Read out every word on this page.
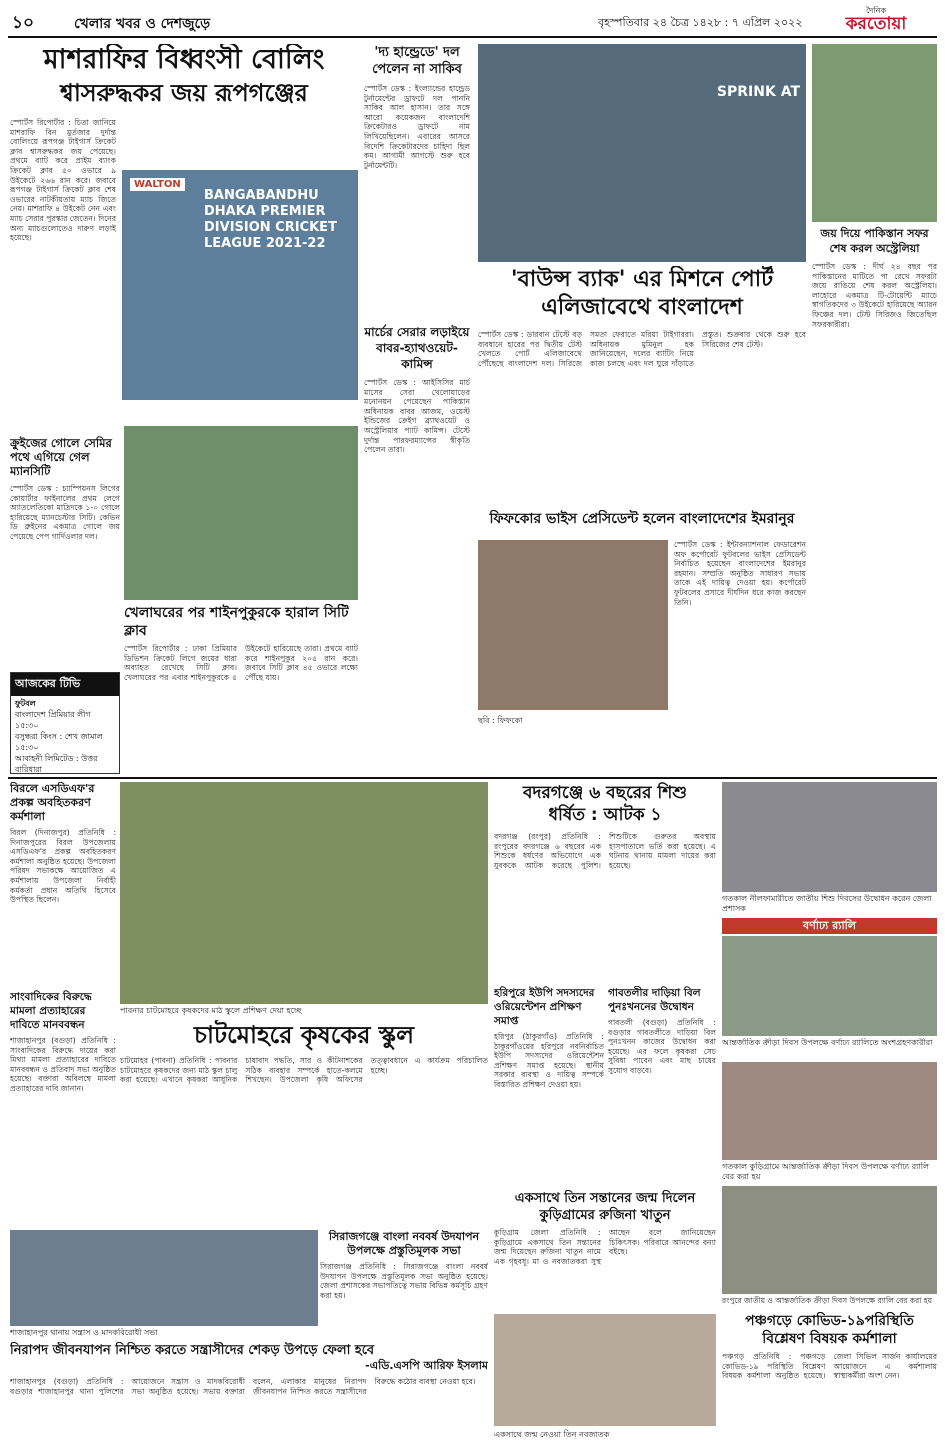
১০	খেলার খবর ও দেশজুড়ে	বৃহস্পতিবার ২৪ চৈত্র ১৪২৮ : ৭ এপ্রিল ২০২২
দৈনিক
করতোয়া
মাশরাফির বিধ্বংসী বোলিং
শ্বাসরুদ্ধকর জয় রূপগঞ্জের
স্পোর্টস রিপোর্টার : চিতা জানিয়ে মাশরাফি বিন মুর্তজার দুর্দান্ত বোলিংয়ে রূপগঞ্জ টাইগার্স ক্রিকেট ক্লাব শ্বাসরুদ্ধকর জয় পেয়েছে। প্রথমে ব্যাট করে প্রাইম ব্যাংক ক্রিকেট ক্লাব ৫০ ওভারে ৯ উইকেটে ২৬৬ রান করে। জবাবে রূপগঞ্জ টাইগার্স ক্রিকেট ক্লাব শেষ ওভারের নাটকীয়তায় ম্যাচ জিতে নেয়। মাশরাফি ৪ উইকেট নেন এবং ম্যাচ সেরার পুরস্কার জেতেন। দিনের অন্য ম্যাচগুলোতেও দারুণ লড়াই হয়েছে।
WALTON
BANGABANDHU DHAKA PREMIER DIVISION CRICKET LEAGUE 2021-22
ক্রুইজের গোলে সেমির পথে এগিয়ে গেল ম্যানসিটি
স্পোর্টস ডেস্ক : চ্যাম্পিয়নস লিগের কোয়ার্টার ফাইনালের প্রথম লেগে অ্যাতলেতিকো মাদ্রিদকে ১-০ গোলে হারিয়েছে ম্যানচেস্টার সিটি। কেভিন ডি ব্রুইনের একমাত্র গোলে জয় পেয়েছে পেপ গার্দিওলার দল।
আজকের টিভি
ফুটবল
বাংলাদেশ প্রিমিয়ার লীগ
১৫:৩০
বসুন্ধরা কিংস : শেখ জামাল
১৫:৩০
আবাহনী লিমিটেড : উত্তর বারিধারা
খেলাঘরের পর শাইনপুকুরকে হারাল সিটি ক্লাব
স্পোর্টস রিপোর্টার : ঢাকা প্রিমিয়ার ডিভিশন ক্রিকেট লিগে জয়ের ধারা অব্যাহত রেখেছে সিটি ক্লাব। খেলাঘরের পর এবার শাইনপুকুরকে ৫ উইকেটে হারিয়েছে তারা। প্রথমে ব্যাট করে শাইনপুকুর ২০৫ রান করে। জবাবে সিটি ক্লাব ৪৫ ওভারে লক্ষ্যে পৌঁছে যায়।
'দ্য হান্ড্রেডে' দল পেলেন না সাকিব
স্পোর্টস ডেস্ক : ইংল্যান্ডের হান্ড্রেড টুর্নামেন্টের ড্রাফটে দল পাননি সাকিব আল হাসান। তার সঙ্গে আরো কয়েকজন বাংলাদেশি ক্রিকেটারও ড্রাফটে নাম লিখিয়েছিলেন। এবারের আসরে বিদেশি ক্রিকেটারদের চাহিদা ছিল কম। আগামী আগস্টে শুরু হবে টুর্নামেন্টটি।
মার্চের সেরার লড়াইয়ে বাবর-হ্যাথওয়েট-কামিন্স
স্পোর্টস ডেস্ক : আইসিসির মার্চ মাসের সেরা খেলোয়াড়ের মনোনয়ন পেয়েছেন পাকিস্তান অধিনায়ক বাবর আজম, ওয়েস্ট ইন্ডিজের ক্রেইগ ব্র্যাথওয়েট ও অস্ট্রেলিয়ার প্যাট কামিন্স। টেস্টে দুর্দান্ত পারফরম্যান্সের স্বীকৃতি পেলেন তারা।
SPRINK AT
'বাউন্স ব্যাক' এর মিশনে পোর্ট
এলিজাবেথে বাংলাদেশ
স্পোর্টস ডেস্ক : ডারবান টেস্টে বড় ব্যবধানে হারের পর দ্বিতীয় টেস্ট খেলতে পোর্ট এলিজাবেথে পৌঁছেছে বাংলাদেশ দল। সিরিজে সমতা ফেরাতে মরিয়া টাইগাররা। অধিনায়ক মুমিনুল হক জানিয়েছেন, দলের ব্যাটিং নিয়ে কাজ চলছে এবং দল ঘুরে দাঁড়াতে প্রস্তুত। শুক্রবার থেকে শুরু হবে সিরিজের শেষ টেস্ট।
জয় দিয়ে পাকিস্তান সফর
শেষ করল অস্ট্রেলিয়া
স্পোর্টস ডেস্ক : দীর্ঘ ২৪ বছর পর পাকিস্তানের মাটিতে পা রেখে সফরটা জয়ে রাঙিয়ে শেষ করল অস্ট্রেলিয়া। লাহোরে একমাত্র টি-টোয়েন্টি ম্যাচে স্বাগতিকদের ৩ উইকেটে হারিয়েছে অ্যারন ফিঞ্চের দল। টেস্ট সিরিজও জিতেছিল সফরকারীরা।
ফিফকোর ভাইস প্রেসিডেন্ট হলেন বাংলাদেশের ইমরানুর
স্পোর্টস ডেস্ক : ইন্টারন্যাশনাল ফেডারেশন অফ কর্পোরেট ফুটবলের ভাইস প্রেসিডেন্ট নির্বাচিত হয়েছেন বাংলাদেশের ইমরানুর রহমান। সম্প্রতি অনুষ্ঠিত সাধারণ সভায় তাকে এই দায়িত্ব দেওয়া হয়। কর্পোরেট ফুটবলের প্রসারে দীর্ঘদিন ধরে কাজ করছেন তিনি।
ছবি : ফিফকো
বিরলে এসডিএফ'র প্রকল্প অবহিতকরণ কর্মশালা
বিরল (দিনাজপুর) প্রতিনিধি : দিনাজপুরের বিরল উপজেলায় এসডিএফ'র প্রকল্প অবহিতকরণ কর্মশালা অনুষ্ঠিত হয়েছে। উপজেলা পরিষদ সভাকক্ষে আয়োজিত এ কর্মশালায় উপজেলা নির্বাহী কর্মকর্তা প্রধান অতিথি হিসেবে উপস্থিত ছিলেন।
পাবনার চাটমোহরে কৃষকদের মাঠ স্কুলে প্রশিক্ষণ দেয়া হচ্ছে
চাটমোহরে কৃষকের স্কুল
চাটমোহর (পাবনা) প্রতিনিধি : পাবনার চাটমোহরে কৃষকদের জন্য মাঠ স্কুল চালু করা হয়েছে। এখানে কৃষকরা আধুনিক চাষাবাদ পদ্ধতি, সার ও কীটনাশকের সঠিক ব্যবহার সম্পর্কে হাতে-কলমে শিখছেন। উপজেলা কৃষি অফিসের তত্ত্বাবধানে এ কার্যক্রম পরিচালিত হচ্ছে।
সাংবাদিকের বিরুদ্ধে মামলা প্রত্যাহারের দাবিতে মানববন্ধন
শাজাহানপুর (বগুড়া) প্রতিনিধি : সাংবাদিকের বিরুদ্ধে দায়ের করা মিথ্যা মামলা প্রত্যাহারের দাবিতে মানববন্ধন ও প্রতিবাদ সভা অনুষ্ঠিত হয়েছে। বক্তারা অবিলম্বে মামলা প্রত্যাহারের দাবি জানান।
শাজাহানপুর থানায় সন্ত্রাস ও মাদকবিরোধী সভা
নিরাপদ জীবনযাপন নিশ্চিত করতে সন্ত্রাসীদের শেকড় উপড়ে ফেলা হবে
-এডি.এসপি আরিফ ইসলাম
শাজাহানপুর (বগুড়া) প্রতিনিধি : বগুড়ার শাজাহানপুর থানা পুলিশের আয়োজনে সন্ত্রাস ও মাদকবিরোধী সভা অনুষ্ঠিত হয়েছে। সভায় বক্তারা বলেন, এলাকার মানুষের নিরাপদ জীবনযাপন নিশ্চিত করতে সন্ত্রাসীদের বিরুদ্ধে কঠোর ব্যবস্থা নেওয়া হবে।
সিরাজগঞ্জে বাংলা নববর্ষ উদযাপন উপলক্ষে প্রস্তুতিমূলক সভা
সিরাজগঞ্জ প্রতিনিধি : সিরাজগঞ্জে বাংলা নববর্ষ উদযাপন উপলক্ষে প্রস্তুতিমূলক সভা অনুষ্ঠিত হয়েছে। জেলা প্রশাসকের সভাপতিত্বে সভায় বিভিন্ন কর্মসূচি গ্রহণ করা হয়।
বদরগঞ্জে ৬ বছরের শিশু
ধর্ষিত : আটক ১
বদরগঞ্জ (রংপুর) প্রতিনিধি : রংপুরের বদরগঞ্জে ৬ বছরের এক শিশুকে ধর্ষণের অভিযোগে এক যুবককে আটক করেছে পুলিশ। শিশুটিকে গুরুতর অবস্থায় হাসপাতালে ভর্তি করা হয়েছে। এ ঘটনায় থানায় মামলা দায়ের করা হয়েছে।
হরিপুরে ইউপি সদস্যদের ওরিয়েন্টেশন প্রশিক্ষণ সমাপ্ত
হরিপুর (ঠাকুরগাঁও) প্রতিনিধি : ঠাকুরগাঁওয়ের হরিপুরে নবনির্বাচিত ইউপি সদস্যদের ওরিয়েন্টেশন প্রশিক্ষণ সমাপ্ত হয়েছে। স্থানীয় সরকার ব্যবস্থা ও দায়িত্ব সম্পর্কে বিস্তারিত প্রশিক্ষণ দেওয়া হয়।
গাবতলীর দাড়িয়া বিল পুনঃখননের উদ্বোধন
গাবতলী (বগুড়া) প্রতিনিধি : বগুড়ার গাবতলীতে দাড়িয়া বিল পুনঃখনন কাজের উদ্বোধন করা হয়েছে। এর ফলে কৃষকরা সেচ সুবিধা পাবেন এবং মাছ চাষের সুযোগ বাড়বে।
একসাথে তিন সন্তানের জন্ম দিলেন
কুড়িগ্রামের রুজিনা খাতুন
কুড়িগ্রাম জেলা প্রতিনিধি : কুড়িগ্রামে একসাথে তিন সন্তানের জন্ম দিয়েছেন রুজিনা খাতুন নামে এক গৃহবধূ। মা ও নবজাতকরা সুস্থ আছেন বলে জানিয়েছেন চিকিৎসক। পরিবারে আনন্দের বন্যা বইছে।
একসাথে জন্ম নেওয়া তিন নবজাতক
গতকাল নীলফামারীতে জাতীয় শিশু দিবসের উদ্বোধন করেন জেলা প্রশাসক
বর্ণাঢ্য র‌্যালি
আন্তর্জাতিক ক্রীড়া দিবস উপলক্ষে বর্ণাঢ্য র‌্যালিতে অংশগ্রহণকারীরা
গতকাল কুড়িগ্রামে আন্তর্জাতিক ক্রীড়া দিবস উপলক্ষে বর্ণাঢ্য র‌্যালি বের করা হয়
রংপুরে জাতীয় ও আন্তর্জাতিক ক্রীড়া দিবস উপলক্ষে র‌্যালি বের করা হয়
পঞ্চগড়ে কোভিড-১৯পরিস্থিতি
বিশ্লেষণ বিষয়ক কর্মশালা
পঞ্চগড় প্রতিনিধি : পঞ্চগড়ে কোভিড-১৯ পরিস্থিতি বিশ্লেষণ বিষয়ক কর্মশালা অনুষ্ঠিত হয়েছে। জেলা সিভিল সার্জন কার্যালয়ের আয়োজনে এ কর্মশালায় স্বাস্থ্যকর্মীরা অংশ নেন।
